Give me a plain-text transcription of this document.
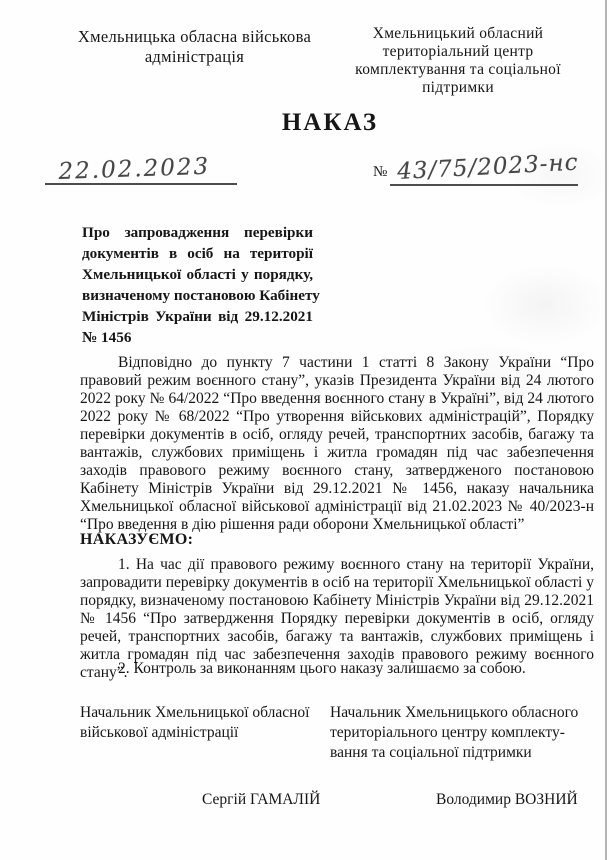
Хмельницька обласна військова
адміністрація
Хмельницький обласний
територіальний центр
комплектування та соціальної
підтримки
НАКАЗ
22.02.2023	№ 43/75/2023-нс
Про запровадження перевірки
документів в осіб на території
Хмельницької області у порядку,
визначеному постановою Кабінету
Міністрів України від 29.12.2021
№ 1456
Відповідно до пункту 7 частини 1 статті 8 Закону України “Про правовий режим воєнного стану”, указів Президента України від 24 лютого 2022 року № 64/2022 “Про введення воєнного стану в Україні”, від 24 лютого 2022 року № 68/2022 “Про утворення військових адміністрацій”, Порядку перевірки документів в осіб, огляду речей, транспортних засобів, багажу та вантажів, службових приміщень і житла громадян під час забезпечення заходів правового режиму воєнного стану, затвердженого постановою Кабінету Міністрів України від 29.12.2021 № 1456, наказу начальника Хмельницької обласної військової адміністрації від 21.02.2023 № 40/2023-н “Про введення в дію рішення ради оборони Хмельницької області”
НАКАЗУЄМО:
1. На час дії правового режиму воєнного стану на території України, запровадити перевірку документів в осіб на території Хмельницької області у порядку, визначеному постановою Кабінету Міністрів України від 29.12.2021 № 1456 “Про затвердження Порядку перевірки документів в осіб, огляду речей, транспортних засобів, багажу та вантажів, службових приміщень і житла громадян під час забезпечення заходів правового режиму воєнного стану”.
2. Контроль за виконанням цього наказу залишаємо за собою.
Начальник Хмельницької обласної
військової адміністрації
Начальник Хмельницького обласного
територіального центру комплекту-
вання та соціальної підтримки
Сергій ГАМАЛІЙ	Володимир ВОЗНИЙ
